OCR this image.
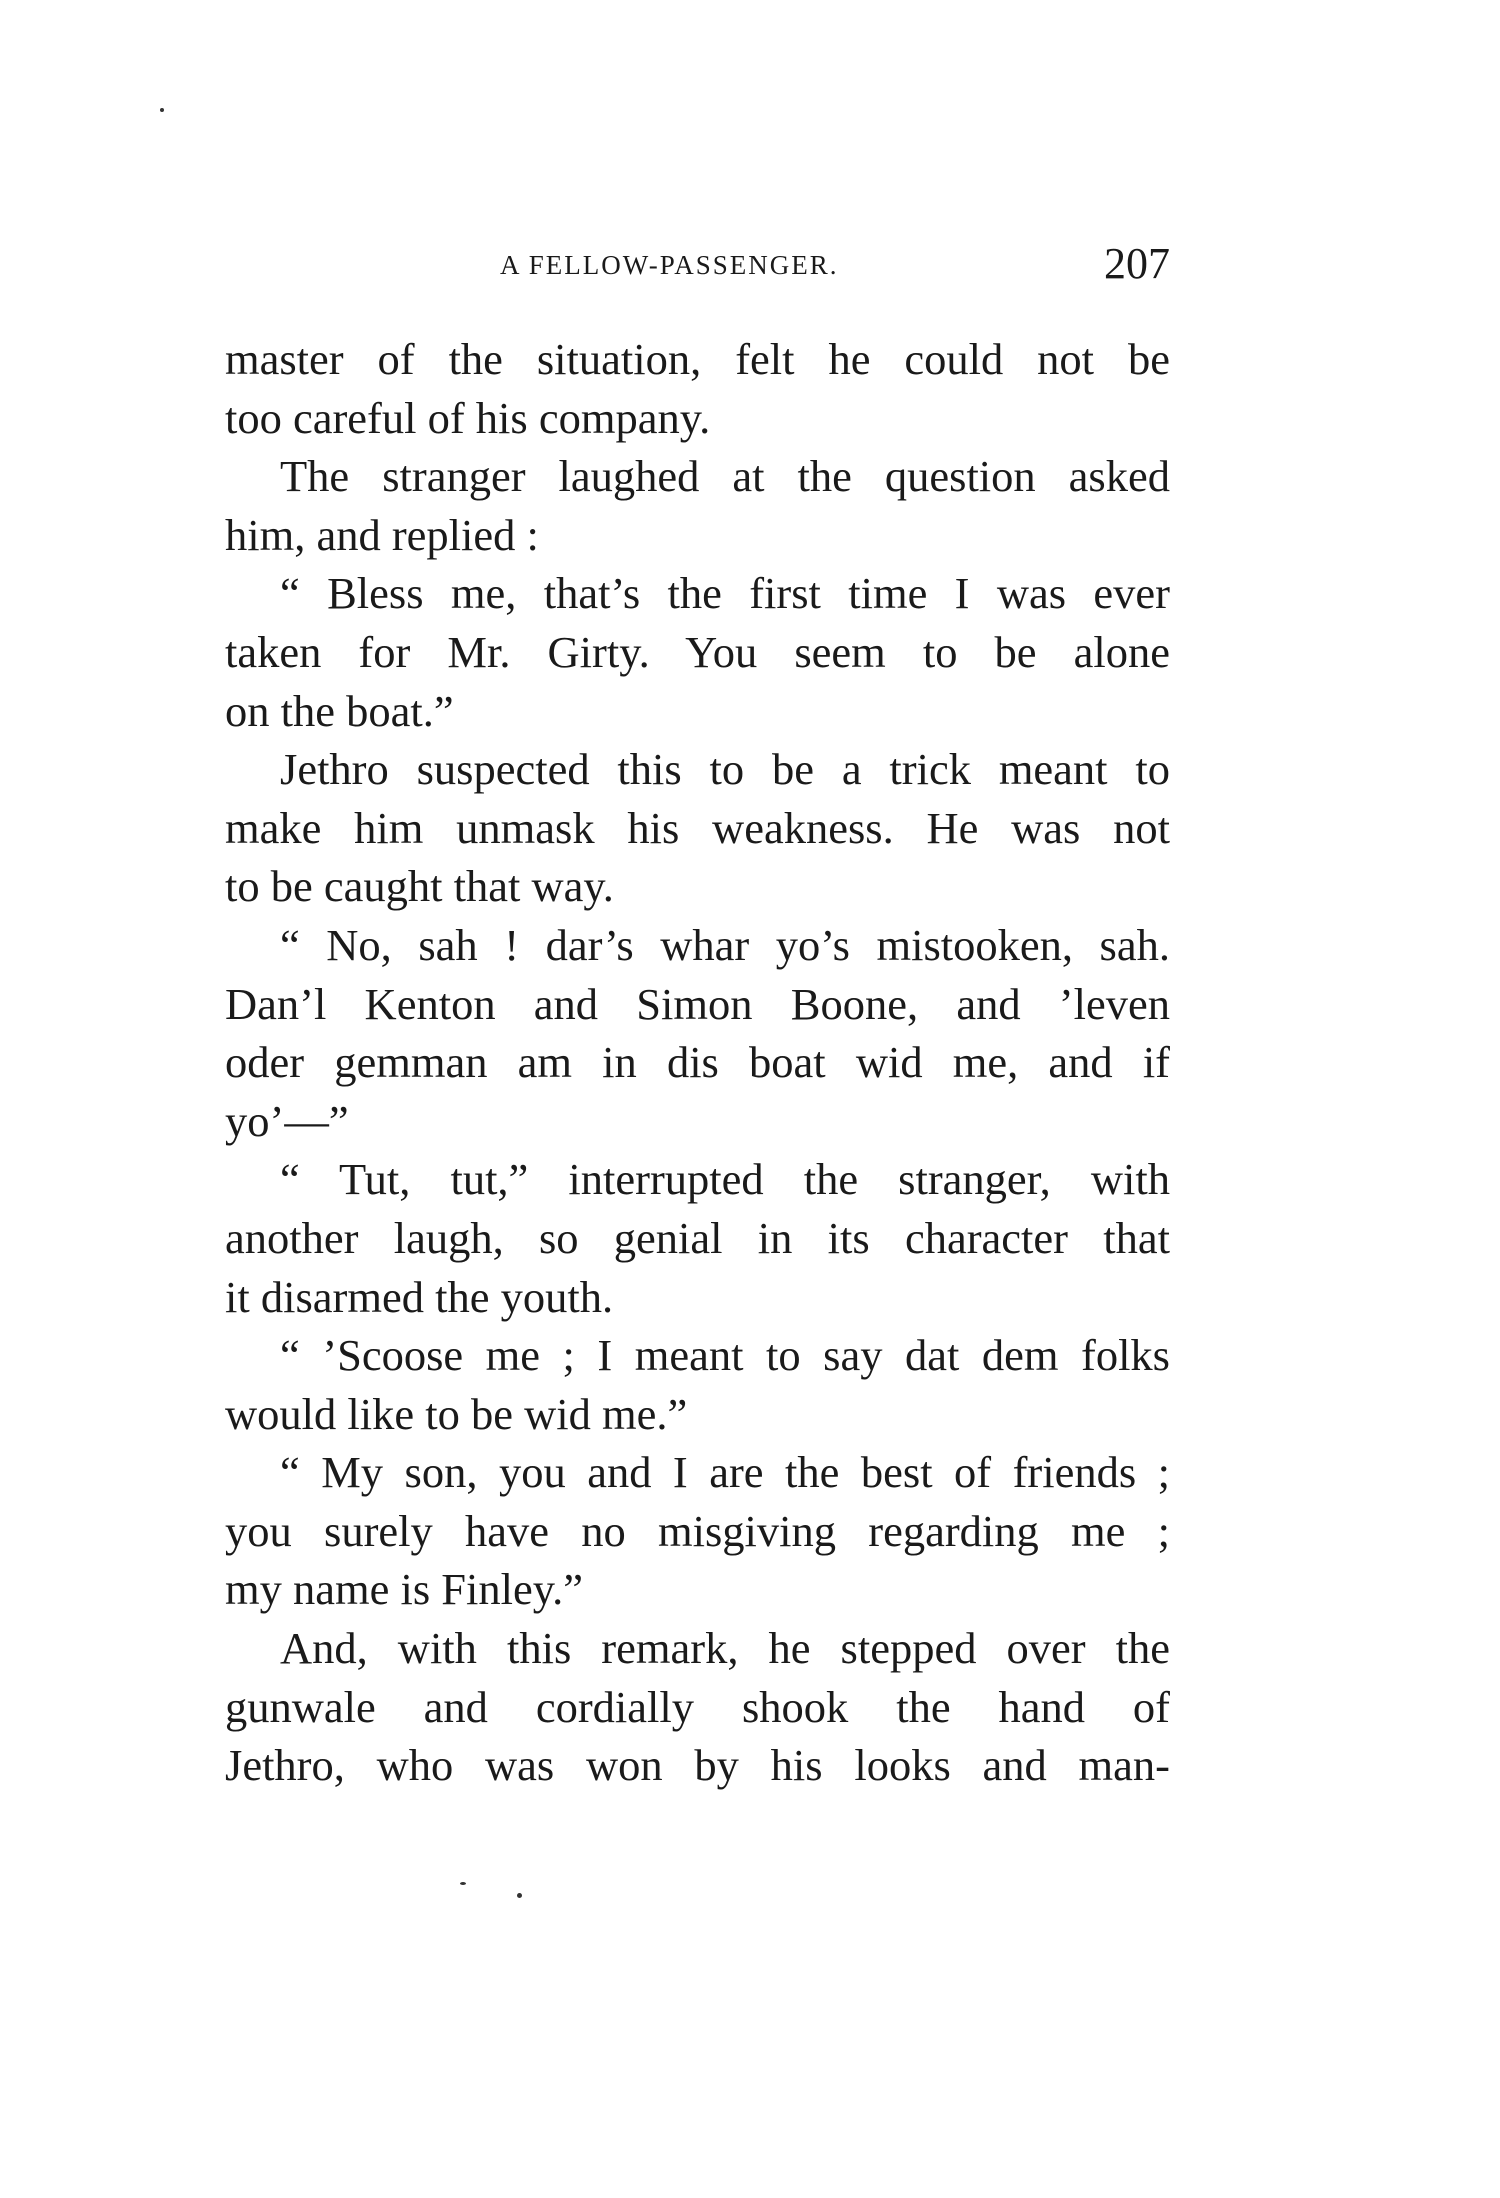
A FELLOW-PASSENGER.	207
master of the situation, felt he could not be
too careful of his company.
The stranger laughed at the question asked
him, and replied :
“ Bless me, that’s the first time I was ever
taken for Mr. Girty. You seem to be alone
on the boat.”
Jethro suspected this to be a trick meant to
make him unmask his weakness. He was not
to be caught that way.
“ No, sah ! dar’s whar yo’s mistooken, sah.
Dan’l Kenton and Simon Boone, and ’leven
oder gemman am in dis boat wid me, and if
yo’—”
“ Tut, tut,” interrupted the stranger, with
another laugh, so genial in its character that
it disarmed the youth.
“ ’Scoose me ; I meant to say dat dem folks
would like to be wid me.”
“ My son, you and I are the best of friends ;
you surely have no misgiving regarding me ;
my name is Finley.”
And, with this remark, he stepped over the
gunwale and cordially shook the hand of
Jethro, who was won by his looks and man-
